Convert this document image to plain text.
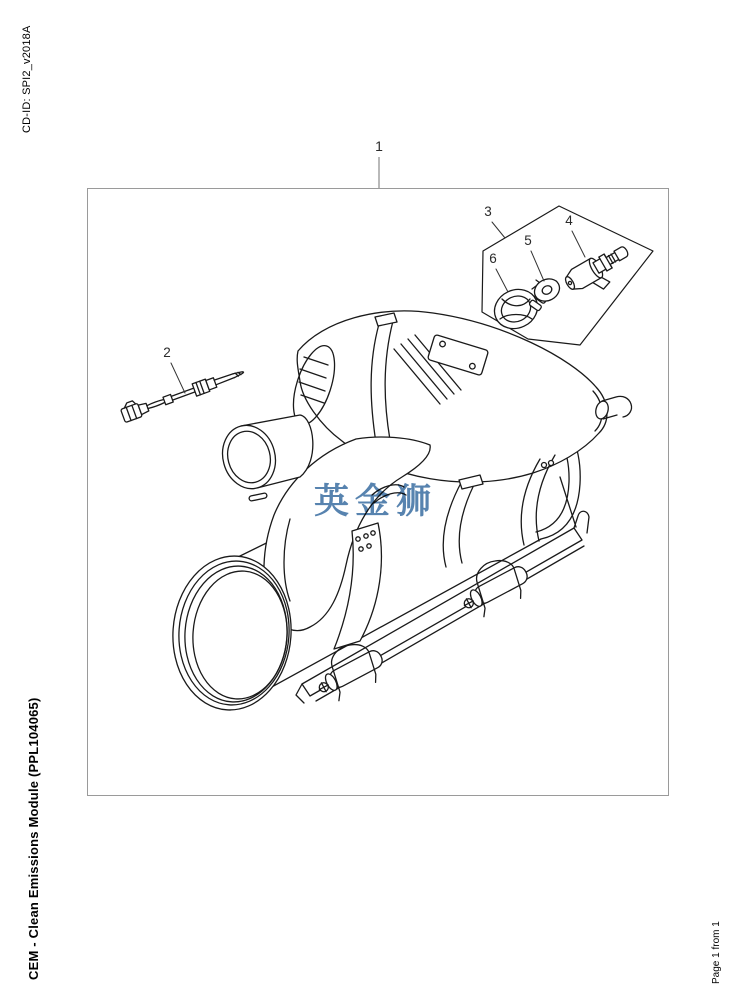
CD-ID: SPI2_v2018A
CEM - Clean Emissions Module (PPL104065)	Page 1 from 1
1
2
3
4
5
6
英金狮
